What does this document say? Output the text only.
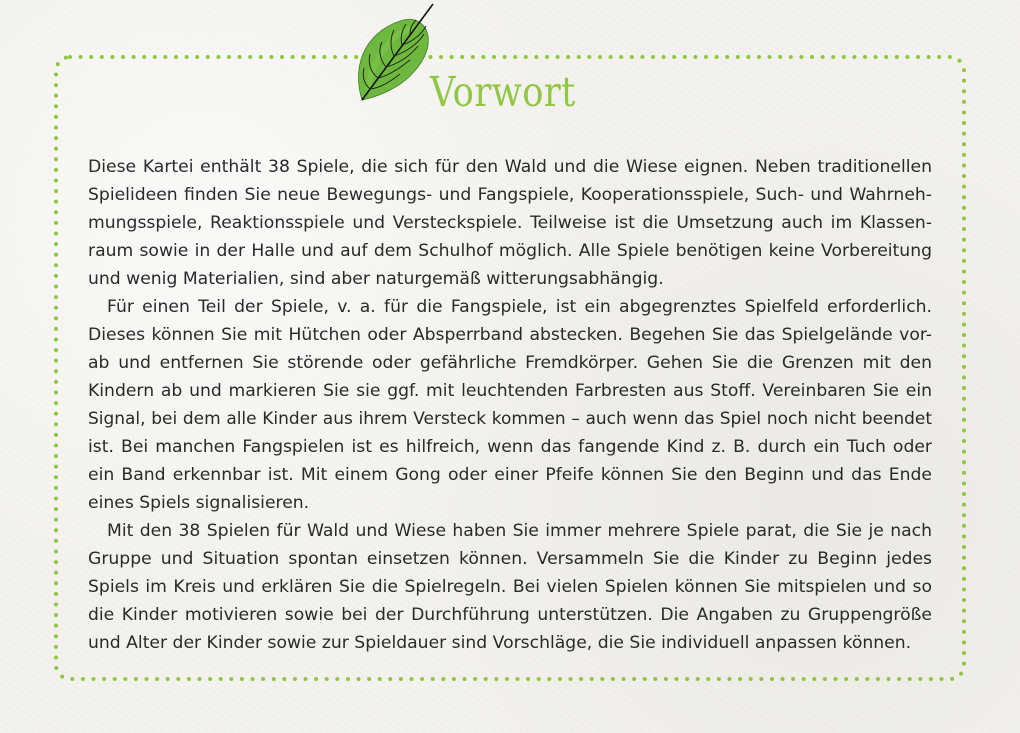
Vorwort
Diese Kartei enthält 38 Spiele, die sich für den Wald und die Wiese eignen. Neben traditionellen
Spielideen finden Sie neue Bewegungs- und Fangspiele, Kooperationsspiele, Such- und Wahrneh-
mungsspiele, Reaktionsspiele und Versteckspiele. Teilweise ist die Umsetzung auch im Klassen-
raum sowie in der Halle und auf dem Schulhof möglich. Alle Spiele benötigen keine Vorbereitung
und wenig Materialien, sind aber naturgemäß witterungsabhängig.
Für einen Teil der Spiele, v. a. für die Fangspiele, ist ein abgegrenztes Spielfeld erforderlich.
Dieses können Sie mit Hütchen oder Absperrband abstecken. Begehen Sie das Spielgelände vor-
ab und entfernen Sie störende oder gefährliche Fremdkörper. Gehen Sie die Grenzen mit den
Kindern ab und markieren Sie sie ggf. mit leuchtenden Farbresten aus Stoff. Vereinbaren Sie ein
Signal, bei dem alle Kinder aus ihrem Versteck kommen – auch wenn das Spiel noch nicht beendet
ist. Bei manchen Fangspielen ist es hilfreich, wenn das fangende Kind z. B. durch ein Tuch oder
ein Band erkennbar ist. Mit einem Gong oder einer Pfeife können Sie den Beginn und das Ende
eines Spiels signalisieren.
Mit den 38 Spielen für Wald und Wiese haben Sie immer mehrere Spiele parat, die Sie je nach
Gruppe und Situation spontan einsetzen können. Versammeln Sie die Kinder zu Beginn jedes
Spiels im Kreis und erklären Sie die Spielregeln. Bei vielen Spielen können Sie mitspielen und so
die Kinder motivieren sowie bei der Durchführung unterstützen. Die Angaben zu Gruppengröße
und Alter der Kinder sowie zur Spieldauer sind Vorschläge, die Sie individuell anpassen können.
